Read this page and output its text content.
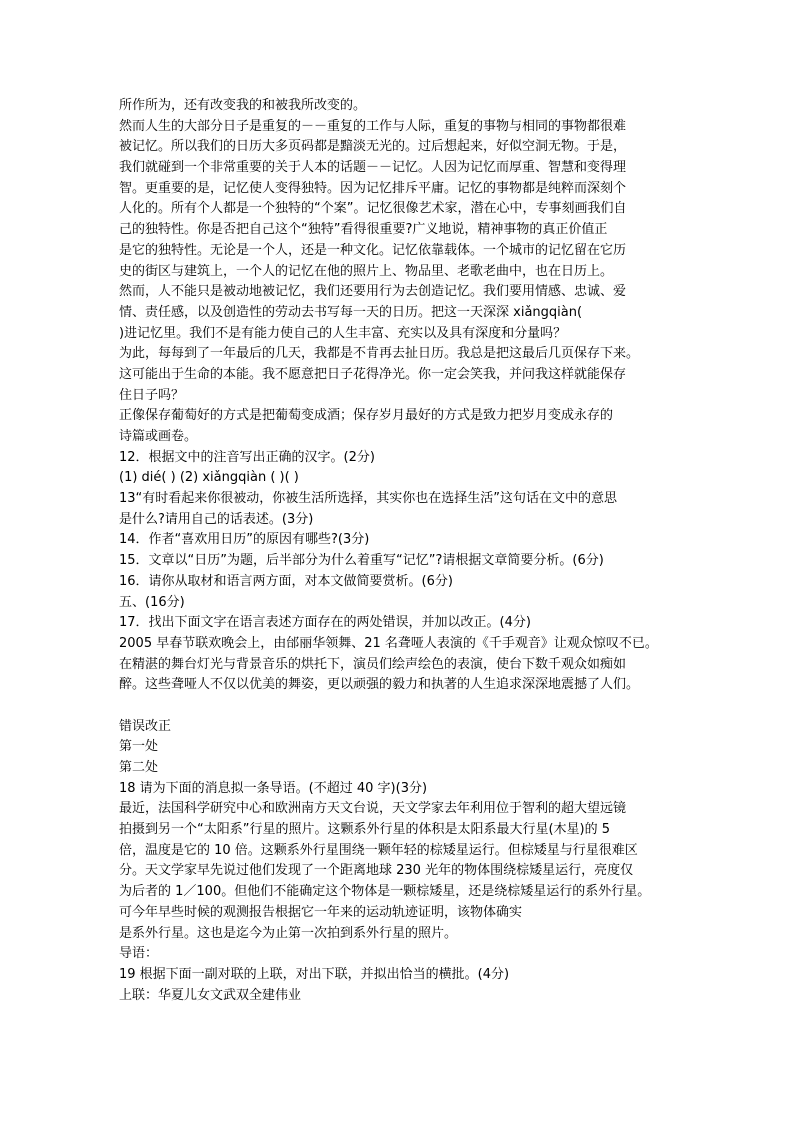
所作所为，还有改变我的和被我所改变的。
然而人生的大部分日子是重复的－－重复的工作与人际，重复的事物与相同的事物都很难
被记忆。所以我们的日历大多页码都是黯淡无光的。过后想起来，好似空洞无物。于是，
我们就碰到一个非常重要的关于人本的话题－－记忆。人因为记忆而厚重、智慧和变得理
智。更重要的是，记忆使人变得独特。因为记忆排斥平庸。记忆的事物都是纯粹而深刻个
人化的。所有个人都是一个独特的“个案”。记忆很像艺术家，潜在心中，专事刻画我们自
己的独特性。你是否把自己这个“独特”看得很重要?广义地说，精神事物的真正价值正
是它的独特性。无论是一个人，还是一种文化。记忆依靠载体。一个城市的记忆留在它历
史的街区与建筑上，一个人的记忆在他的照片上、物品里、老歌老曲中，也在日历上。
然而，人不能只是被动地被记忆，我们还要用行为去创造记忆。我们要用情感、忠诚、爱
情、责任感，以及创造性的劳动去书写每一天的日历。把这一天深深 xiǎngqiàn(
)进记忆里。我们不是有能力使自己的人生丰富、充实以及具有深度和分量吗？
为此，每每到了一年最后的几天，我都是不肯再去扯日历。我总是把这最后几页保存下来。
这可能出于生命的本能。我不愿意把日子花得净光。你一定会笑我，并问我这样就能保存
住日子吗？
正像保存葡萄好的方式是把葡萄变成酒；保存岁月最好的方式是致力把岁月变成永存的
诗篇或画卷。
12．根据文中的注音写出正确的汉字。(2分)
(1) dié( ) (2) xiǎngqiàn ( )( )
13“有时看起来你很被动，你被生活所选择，其实你也在选择生活”这句话在文中的意思
是什么?请用自己的话表述。(3分)
14．作者“喜欢用日历”的原因有哪些?(3分)
15．文章以“日历”为题，后半部分为什么着重写“记忆”?请根据文章简要分析。(6分)
16．请你从取材和语言两方面，对本文做简要赏析。(6分)
五、(16分)
17．找出下面文字在语言表述方面存在的两处错误，并加以改正。(4分)
2005 早春节联欢晚会上，由邰丽华领舞、21 名聋哑人表演的《千手观音》让观众惊叹不已。
在精湛的舞台灯光与背景音乐的烘托下，演员们绘声绘色的表演，使台下数千观众如痴如
醉。这些聋哑人不仅以优美的舞姿，更以顽强的毅力和执著的人生追求深深地震撼了人们。
错误改正
第一处
第二处
18 请为下面的消息拟一条导语。(不超过 40 字)(3分)
最近，法国科学研究中心和欧洲南方天文台说，天文学家去年利用位于智利的超大望远镜
拍摄到另一个“太阳系”行星的照片。这颗系外行星的体积是太阳系最大行星(木星)的 5
倍，温度是它的 10 倍。这颗系外行星围绕一颗年轻的棕矮星运行。但棕矮星与行星很难区
分。天文学家早先说过他们发现了一个距离地球 230 光年的物体围绕棕矮星运行，亮度仅
为后者的 1／100。但他们不能确定这个物体是一颗棕矮星，还是绕棕矮星运行的系外行星。
可今年早些时候的观测报告根据它一年来的运动轨迹证明，该物体确实
是系外行星。这也是迄今为止第一次拍到系外行星的照片。
导语：
19 根据下面一副对联的上联，对出下联，并拟出恰当的横批。(4分)
上联：华夏儿女文武双全建伟业
